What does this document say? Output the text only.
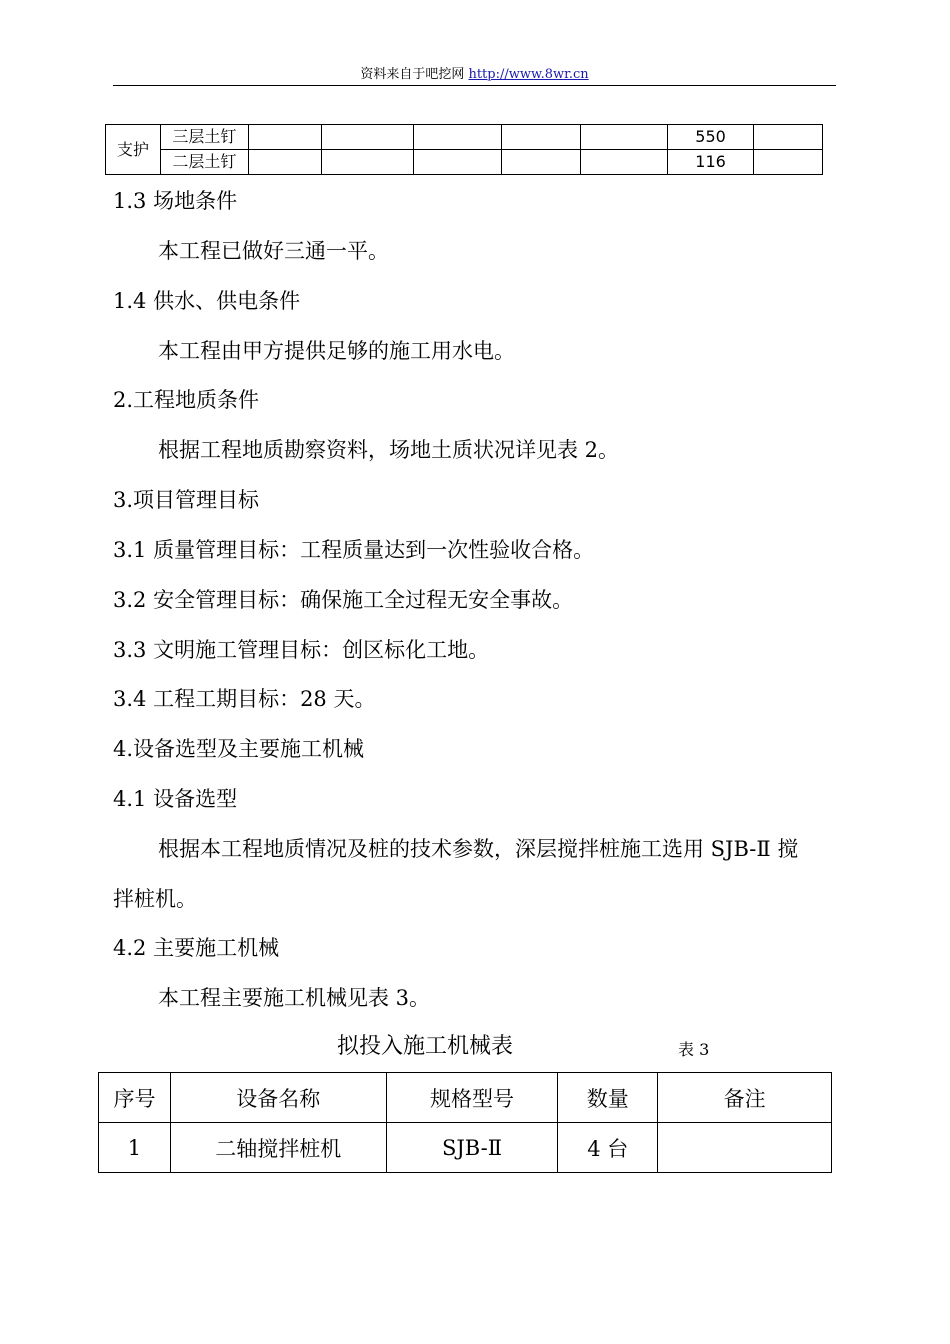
资料来自于吧挖网 http://www.8wr.cn
支护	三层土钉						550	
	二层土钉						116	
1.3 场地条件
本工程已做好三通一平。
1.4 供水、供电条件
本工程由甲方提供足够的施工用水电。
2.工程地质条件
根据工程地质勘察资料，场地土质状况详见表 2。
3.项目管理目标
3.1 质量管理目标：工程质量达到一次性验收合格。
3.2 安全管理目标：确保施工全过程无安全事故。
3.3 文明施工管理目标：创区标化工地。
3.4 工程工期目标：28 天。
4.设备选型及主要施工机械
4.1 设备选型
根据本工程地质情况及桩的技术参数，深层搅拌桩施工选用 SJB-Ⅱ 搅
拌桩机。
4.2 主要施工机械
本工程主要施工机械见表 3。
拟投入施工机械表	表 3
序号	设备名称	规格型号	数量	备注
1	二轴搅拌桩机	SJB-Ⅱ	4 台	
